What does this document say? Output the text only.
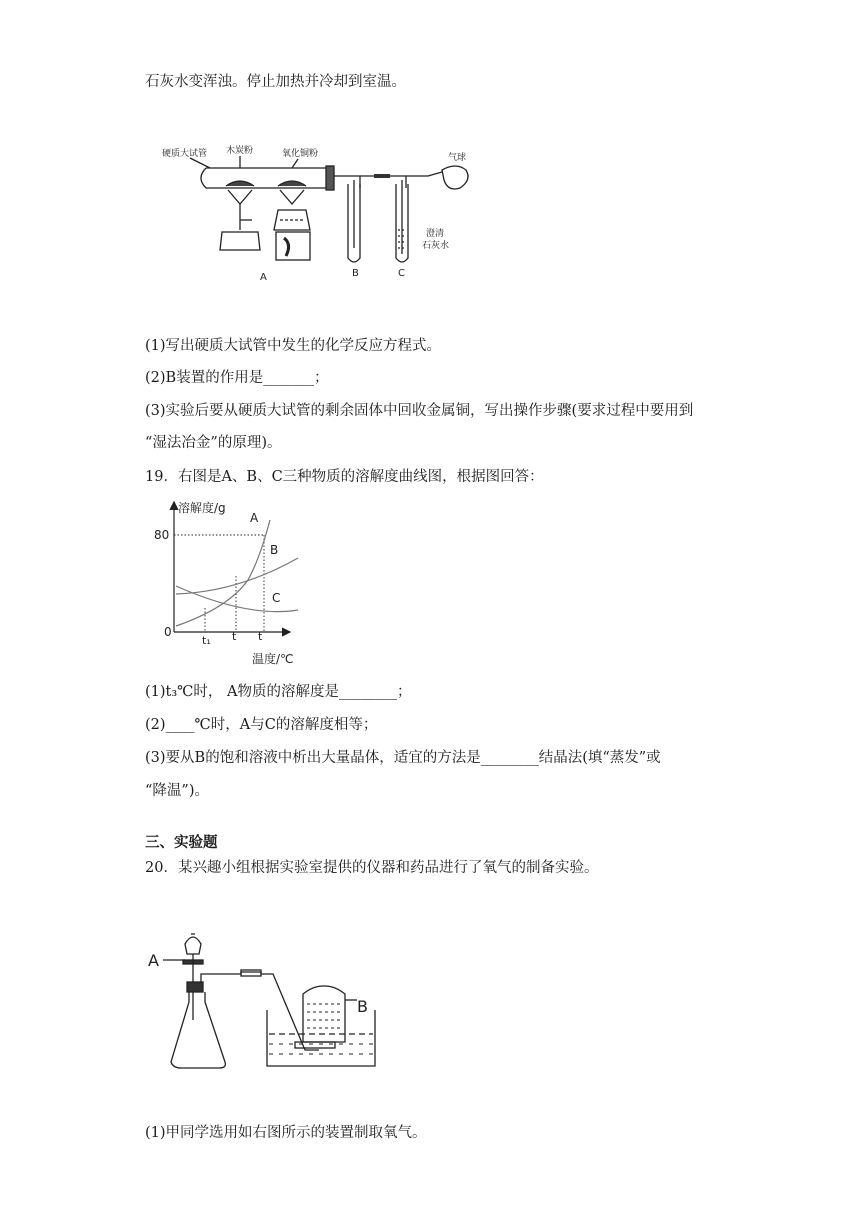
石灰水变浑浊。停止加热并冷却到室温。
硬质大试管 木炭粉	氧化铜粉	气球
澄清
石灰水
A	B	C
(1)写出硬质大试管中发生的化学反应方程式。
(2)B装置的作用是_______；
(3)实验后要从硬质大试管的剩余固体中回收金属铜，写出操作步骤(要求过程中要用到
“湿法冶金”的原理)。
19．右图是A、B、C三种物质的溶解度曲线图，根据图回答：
溶解度/g
温度/℃
80
0
t₁ t t
A
B
C
(1)t₃℃时， A物质的溶解度是________；
(2)____℃时，A与C的溶解度相等；
(3)要从B的饱和溶液中析出大量晶体，适宜的方法是________结晶法(填“蒸发”或
“降温”)。
三、实验题
20．某兴趣小组根据实验室提供的仪器和药品进行了氧气的制备实验。
A
B
(1)甲同学选用如右图所示的装置制取氧气。
